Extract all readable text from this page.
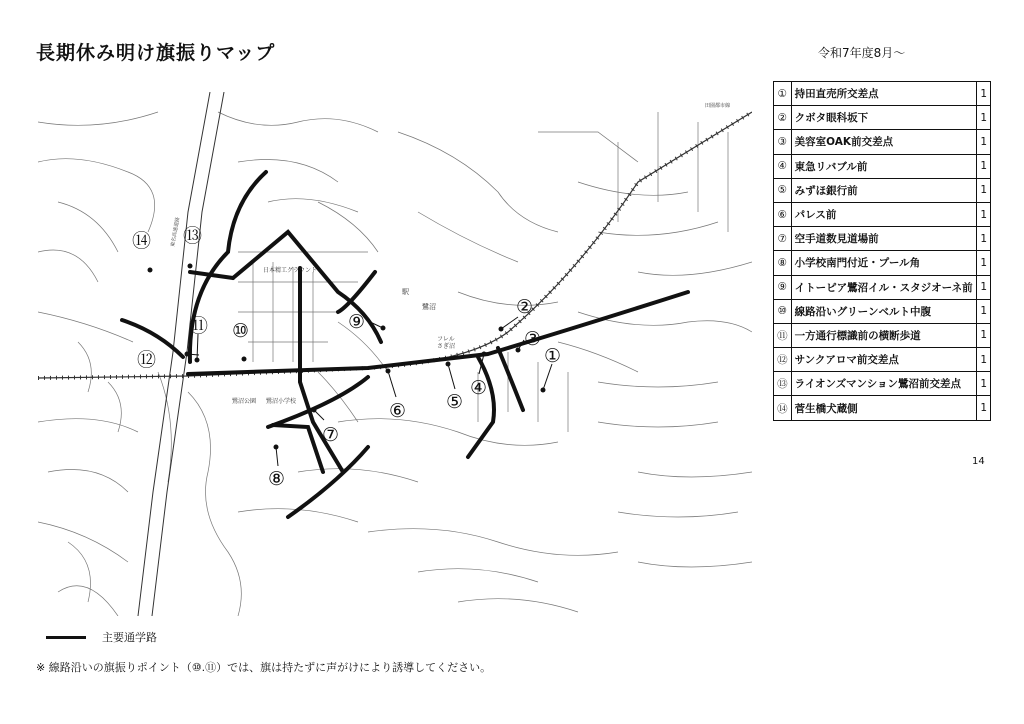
長期休み明け旗振りマップ	令和7年度8月～
日本精工グラウンド
鷺沼公園 鷺沼小学校
鷺沼
駅
フレル
さぎ沼
田園都市線
東名高速道路
①
②
③
④
⑤
⑥
⑦
⑧
⑨
⑩
⑪
⑫
⑬
⑭
①	持田直売所交差点	1
②	クボタ眼科坂下	1
③	美容室OAK前交差点	1
④	東急リバブル前	1
⑤	みずほ銀行前	1
⑥	パレス前	1
⑦	空手道数見道場前	1
⑧	小学校南門付近・プール角	1
⑨	イトーピア鷺沼イル・スタジオーネ前	1
⑩	線路沿いグリーンベルト中腹	1
⑪	一方通行標識前の横断歩道	1
⑫	サンクアロマ前交差点	1
⑬	ライオンズマンション鷺沼前交差点	1
⑭	菅生橋犬蔵側	1
14
主要通学路
※ 線路沿いの旗振りポイント（⑩.⑪）では、旗は持たずに声がけにより誘導してください。
